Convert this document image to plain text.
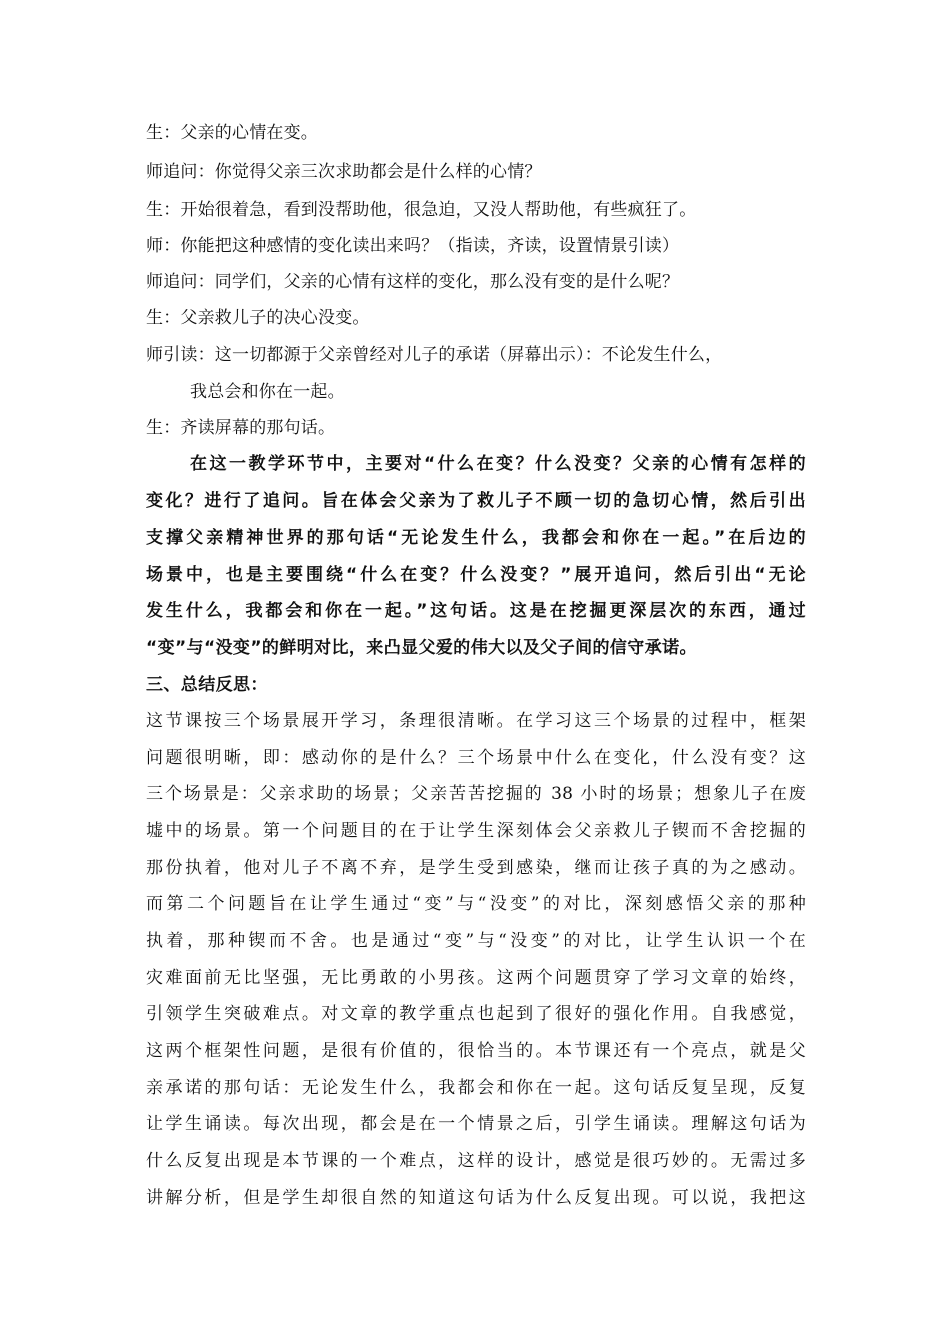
生：父亲的心情在变。
师追问：你觉得父亲三次求助都会是什么样的心情？
生：开始很着急，看到没帮助他，很急迫，又没人帮助他，有些疯狂了。
师：你能把这种感情的变化读出来吗？（指读，齐读，设置情景引读）
师追问：同学们，父亲的心情有这样的变化，那么没有变的是什么呢？
生：父亲救儿子的决心没变。
师引读：这一切都源于父亲曾经对儿子的承诺（屏幕出示）：不论发生什么，
我总会和你在一起。
生：齐读屏幕的那句话。
在这一教学环节中，主要对“什么在变？什么没变？父亲的心情有怎样的
变化？进行了追问。旨在体会父亲为了救儿子不顾一切的急切心情，然后引出
支撑父亲精神世界的那句话“无论发生什么，我都会和你在一起。”在后边的
场景中，也是主要围绕“什么在变？什么没变？”展开追问，然后引出“无论
发生什么，我都会和你在一起。”这句话。这是在挖掘更深层次的东西，通过
“变”与“没变”的鲜明对比，来凸显父爱的伟大以及父子间的信守承诺。
三、总结反思：
这节课按三个场景展开学习，条理很清晰。在学习这三个场景的过程中，框架
问题很明晰，即：感动你的是什么？三个场景中什么在变化，什么没有变？这
三个场景是：父亲求助的场景；父亲苦苦挖掘的 38 小时的场景；想象儿子在废
墟中的场景。第一个问题目的在于让学生深刻体会父亲救儿子锲而不舍挖掘的
那份执着，他对儿子不离不弃，是学生受到感染，继而让孩子真的为之感动。
而第二个问题旨在让学生通过“变”与“没变”的对比，深刻感悟父亲的那种
执着，那种锲而不舍。也是通过“变”与“没变”的对比，让学生认识一个在
灾难面前无比坚强，无比勇敢的小男孩。这两个问题贯穿了学习文章的始终，
引领学生突破难点。对文章的教学重点也起到了很好的强化作用。自我感觉，
这两个框架性问题，是很有价值的，很恰当的。本节课还有一个亮点，就是父
亲承诺的那句话：无论发生什么，我都会和你在一起。这句话反复呈现，反复
让学生诵读。每次出现，都会是在一个情景之后，引学生诵读。理解这句话为
什么反复出现是本节课的一个难点，这样的设计，感觉是很巧妙的。无需过多
讲解分析，但是学生却很自然的知道这句话为什么反复出现。可以说，我把这
